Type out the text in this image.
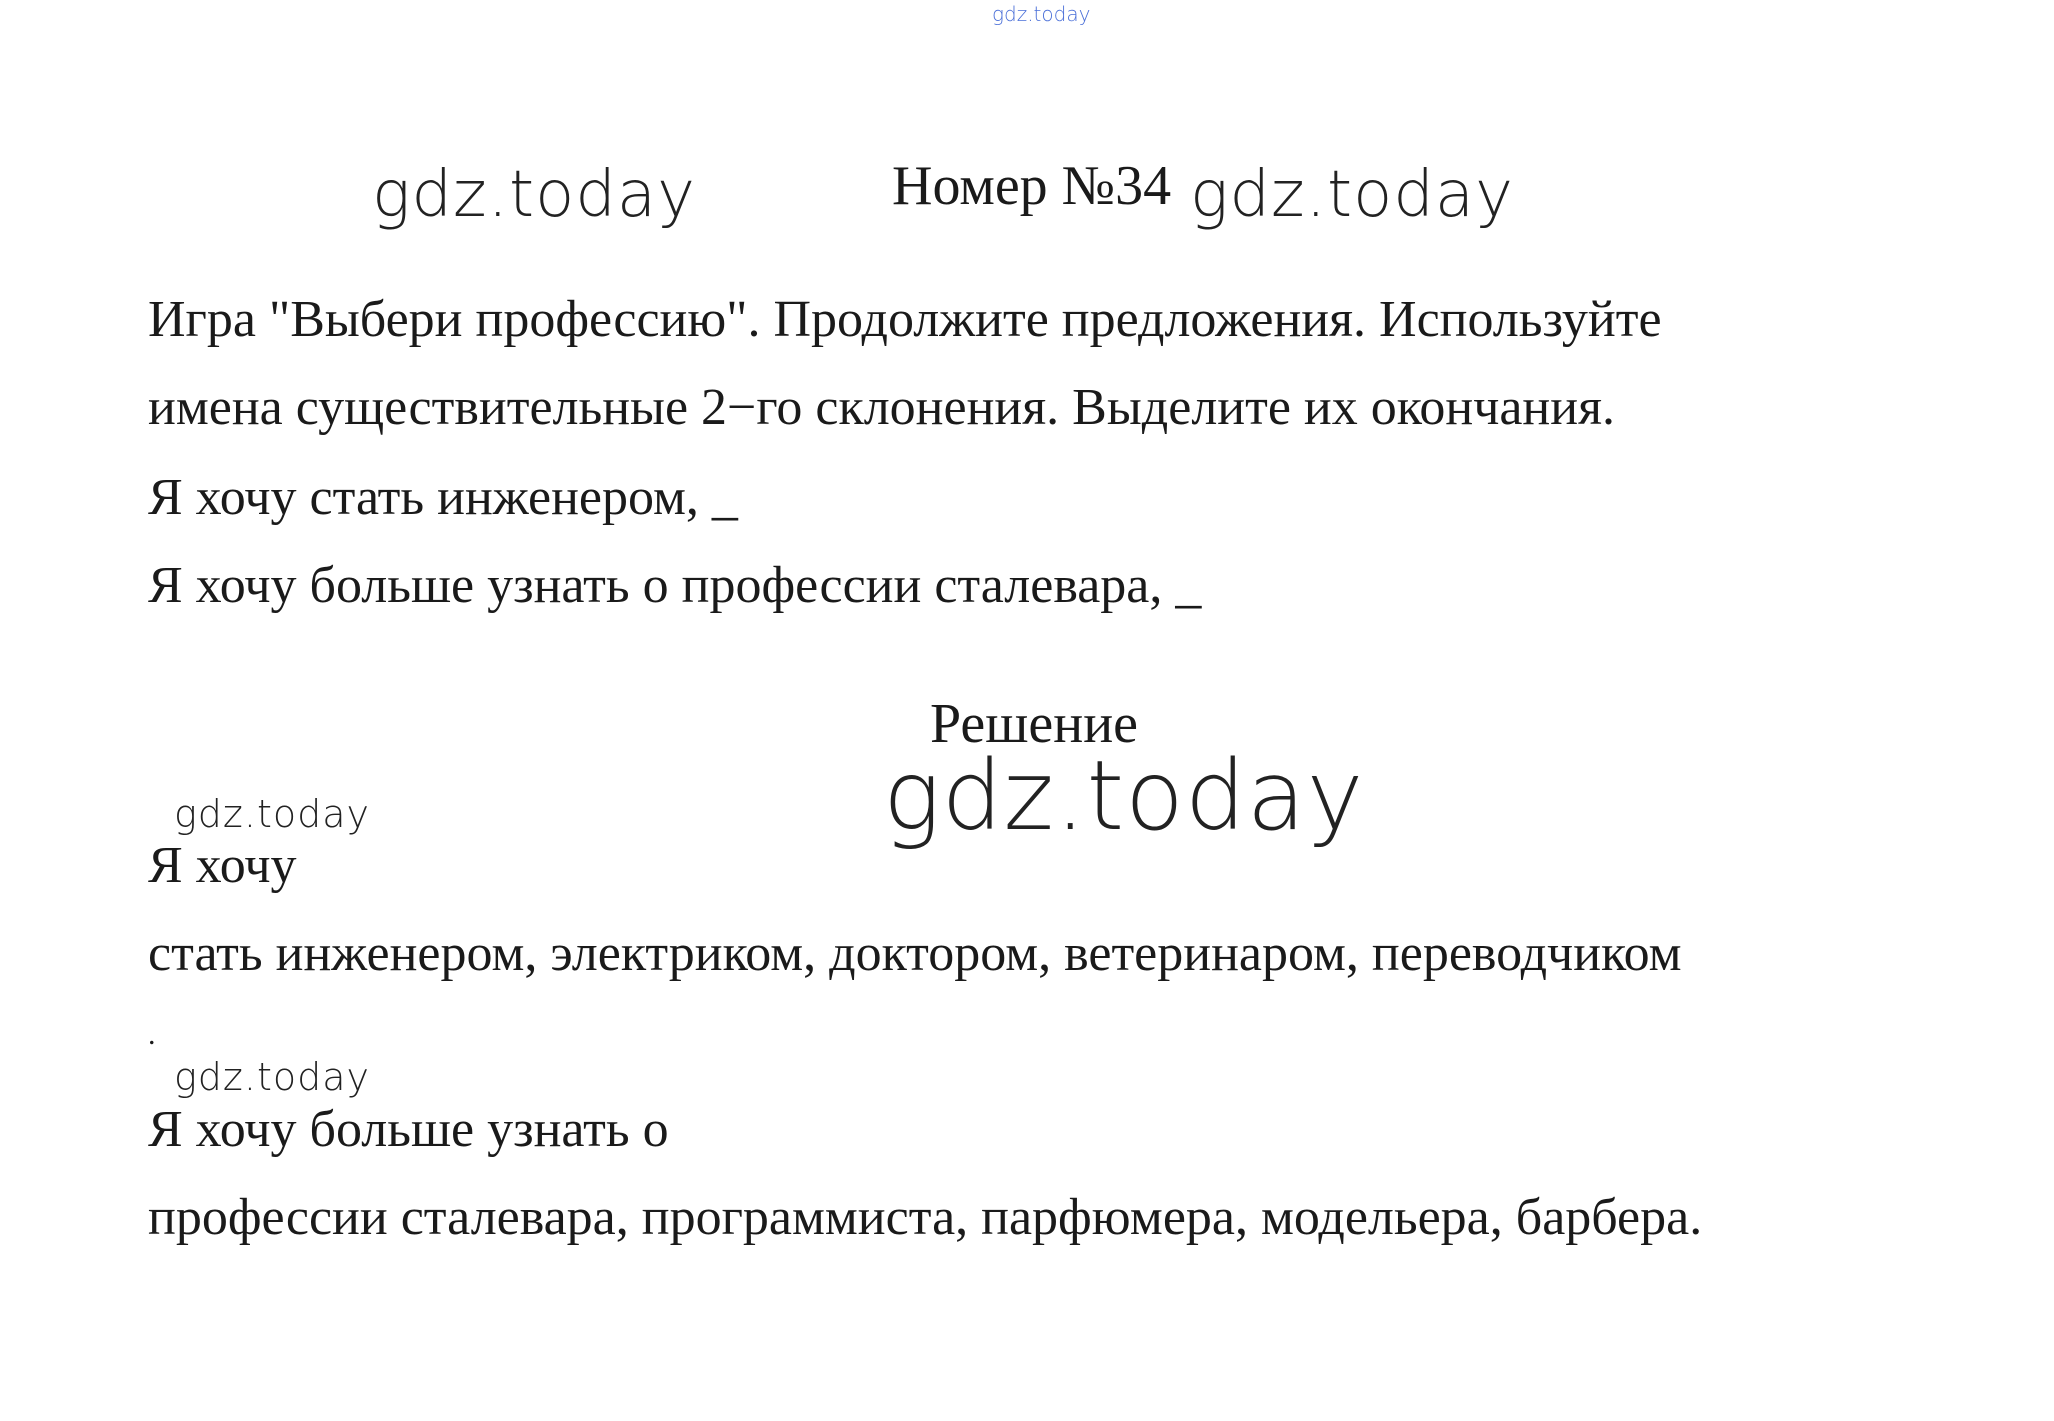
gdz.today
gdz.today	Номер №34 gdz.today
Игра "Выбери профессию". Продолжите предложения. Используйте
имена существительные 2−го склонения. Выделите их окончания.
Я хочу стать инженером, _
Я хочу больше узнать о профессии сталевара, _
Решение
gdz.today
gdz.today
Я хочу
стать инженером, электриком, доктором, ветеринаром, переводчиком
.
gdz.today
Я хочу больше узнать о
профессии сталевара, программиста, парфюмера, модельера, барбера.
